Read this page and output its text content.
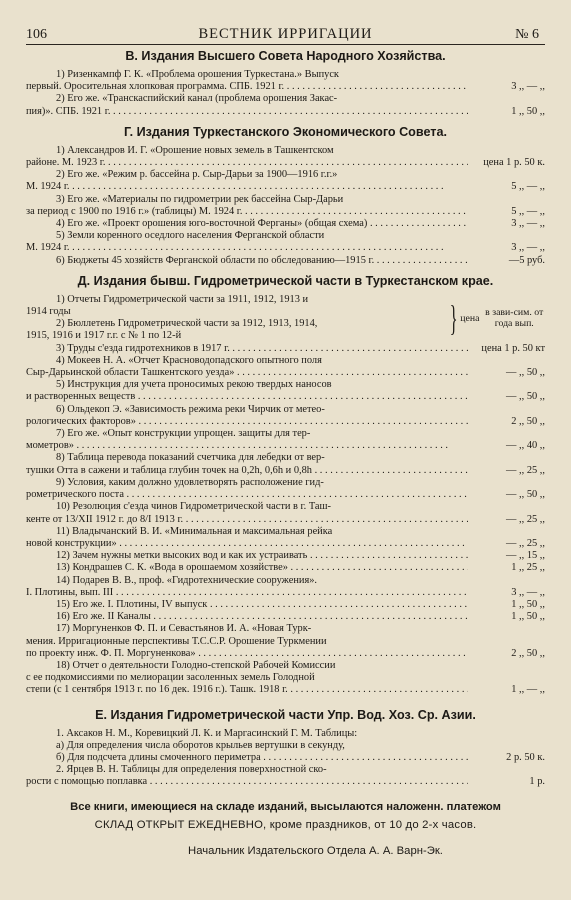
106	ВЕСТНИК ИРРИГАЦИИ	№ 6
В. Издания Высшего Совета Народного Хозяйства.
1) Ризенкампф Г. К. «Проблема орошения Туркестана.» Выпуск
первый. Оросительная хлопковая программа. СПБ. 1921 г. . . .	3 ,, — ,,
2) Его же. «Транскаспийский канал (проблема орошения Закас-
пия)». СПБ. 1921 г. . . .	1 ,, 50 ,,
Г. Издания Туркестанского Экономического Совета.
1) Александров И. Г. «Орошение новых земель в Ташкентском
районе. М. 1923 г. . . .	цена 1 р. 50 к.
2) Его же. «Режим р. бассейна р. Сыр-Дарьи за 1900—1916 г.г.»
М. 1924 г. . . .	5 ,, — ,,
3) Его же. «Материалы по гидрометрии рек бассейна Сыр-Дарьи
за период с 1900 по 1916 г.» (таблицы) М. 1924 г. . . .	5 ,, — ,,
4) Его же. «Проект орошения юго-восточной Ферганы» (общая схема) . . .	3 ,, — ,,
5) Земли коренного оседлого населения Ферганской области
М. 1924 г. . . .	3 ,, — ,,
6) Бюджеты 45 хозяйств Ферганской области по обследованию—1915 г. . . .	—5 руб.
Д. Издания бывш. Гидрометрической части в Туркестанском крае.
1) Отчеты Гидрометрической части за 1911, 1912, 1913 и
1914 годы
2) Бюллетень Гидрометрической части за 1912, 1913, 1914,
1915, 1916 и 1917 г.г. с № 1 по 12-й	} цена в зави-сим. от года вып.
3) Труды с'езда гидротехников в 1917 г. . . .	цена 1 р. 50 кт
4) Мокеев Н. А. «Отчет Красноводопадского опытного поля
Сыр-Дарьинской области Ташкентского уезда» . . .	— ,, 50 ,,
5) Инструкция для учета проносимых рекою твердых наносов
и растворенных веществ . . .	— ,, 50 ,,
6) Ольдекоп Э. «Зависимость режима реки Чирчик от метео-
рологических факторов» . . .	2 ,, 50 ,,
7) Его же. «Опыт конструкции упрощен. защиты для тер-
мометров» . . .	— ,, 40 ,,
8) Таблица перевода показаний счетчика для лебедки от вер-
тушки Отта в сажени и таблица глубин точек на 0,2h, 0,6h и 0,8h . . .	— ,, 25 ,,
9) Условия, каким должно удовлетворять расположение гид-
рометрического поста . . .	— ,, 50 ,,
10) Резолюция с'езда чинов Гидрометрической части в г. Таш-
кенте от 13/XII 1912 г. до 8/I 1913 г. . . .	— ,, 25 ,,
11) Владычанский В. И. «Минимальная и максимальная рейка
новой конструкции» . . .	— ,, 25 ,,
12) Зачем нужны метки высоких вод и как их устраивать . . .	— ,, 15 ,,
13) Кондрашев С. К. «Вода в орошаемом хозяйстве» . . .	1 ,, 25 ,,
14) Подарев В. В., проф. «Гидротехнические сооружения».
I. Плотины, вып. III . . .	3 ,, — ,,
15) Его же. I. Плотины, IV выпуск . . .	1 ,, 50 ,,
16) Его же. II Каналы . . .	1 ,, 50 ,,
17) Моргуненков Ф. П. и Севастьянов И. А. «Новая Турк-
мения. Ирригационные перспективы Т.С.С.Р. Орошение Туркмении
по проекту инж. Ф. П. Моргуненкова» . . .	2 ,, 50 ,,
18) Отчет о деятельности Голодно-степской Рабочей Комиссии
с ее подкомиссиями по мелиорации засоленных земель Голодной
степи (с 1 сентября 1913 г. по 16 дек. 1916 г.). Ташк. 1918 г. . . .	1 ,, — ,,
Е. Издания Гидрометрической части Упр. Вод. Хоз. Ср. Азии.
1. Аксаков Н. М., Коревицкий Л. К. и Маргасинский Г. М. Таблицы:
а) Для определения числа оборотов крыльев вертушки в секунду,
б) Для подсчета длины смоченного периметра . . .	2 р. 50 к.
2. Ярцев В. Н. Таблицы для определения поверхностной ско-
рости с помощью поплавка . . .	1 р.
Все книги, имеющиеся на складе изданий, высылаются наложенн. платежом
СКЛАД ОТКРЫТ ЕЖЕДНЕВНО, кроме праздников, от 10 до 2-х часов.
Начальник Издательского Отдела А. А. Варн-Эк.
